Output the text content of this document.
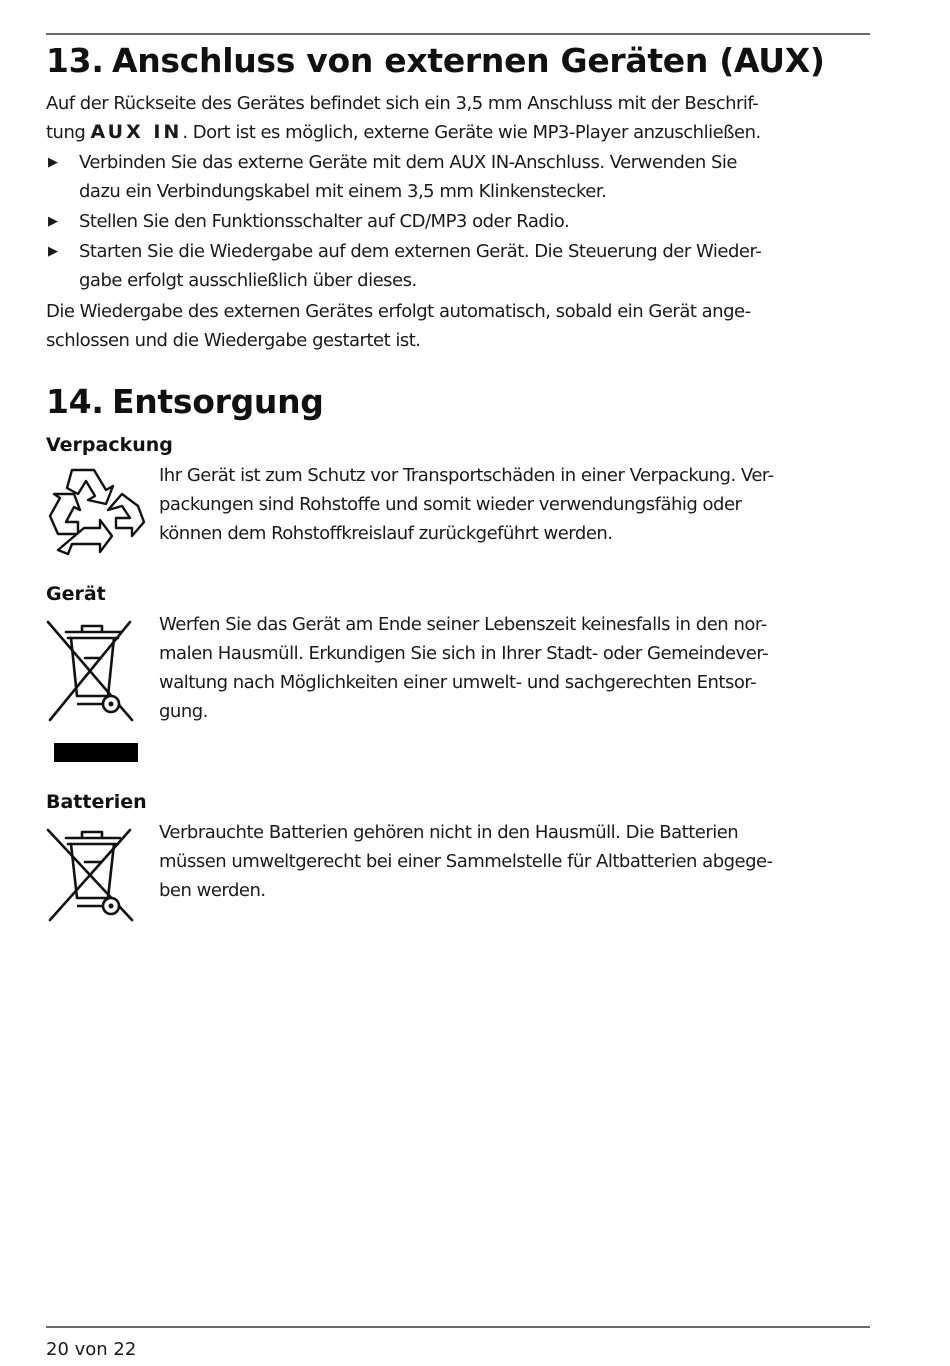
13. Anschluss von externen Geräten (AUX)
Auf der Rückseite des Gerätes befindet sich ein 3,5 mm Anschluss mit der Beschrif-
tung AUX IN. Dort ist es möglich, externe Geräte wie MP3-Player anzuschließen.
▶ Verbinden Sie das externe Geräte mit dem AUX IN-Anschluss. Verwenden Sie
dazu ein Verbindungskabel mit einem 3,5 mm Klinkenstecker.
▶ Stellen Sie den Funktionsschalter auf CD/MP3 oder Radio.
▶ Starten Sie die Wiedergabe auf dem externen Gerät. Die Steuerung der Wieder-
gabe erfolgt ausschließlich über dieses.
Die Wiedergabe des externen Gerätes erfolgt automatisch, sobald ein Gerät ange-
schlossen und die Wiedergabe gestartet ist.
14. Entsorgung
Verpackung
Ihr Gerät ist zum Schutz vor Transportschäden in einer Verpackung. Ver-
packungen sind Rohstoffe und somit wieder verwendungsfähig oder
können dem Rohstoffkreislauf zurückgeführt werden.
Gerät
Werfen Sie das Gerät am Ende seiner Lebenszeit keinesfalls in den nor-
malen Hausmüll. Erkundigen Sie sich in Ihrer Stadt- oder Gemeindever-
waltung nach Möglichkeiten einer umwelt- und sachgerechten Entsor-
gung.
Batterien
Verbrauchte Batterien gehören nicht in den Hausmüll. Die Batterien
müssen umweltgerecht bei einer Sammelstelle für Altbatterien abgege-
ben werden.
20 von 22
